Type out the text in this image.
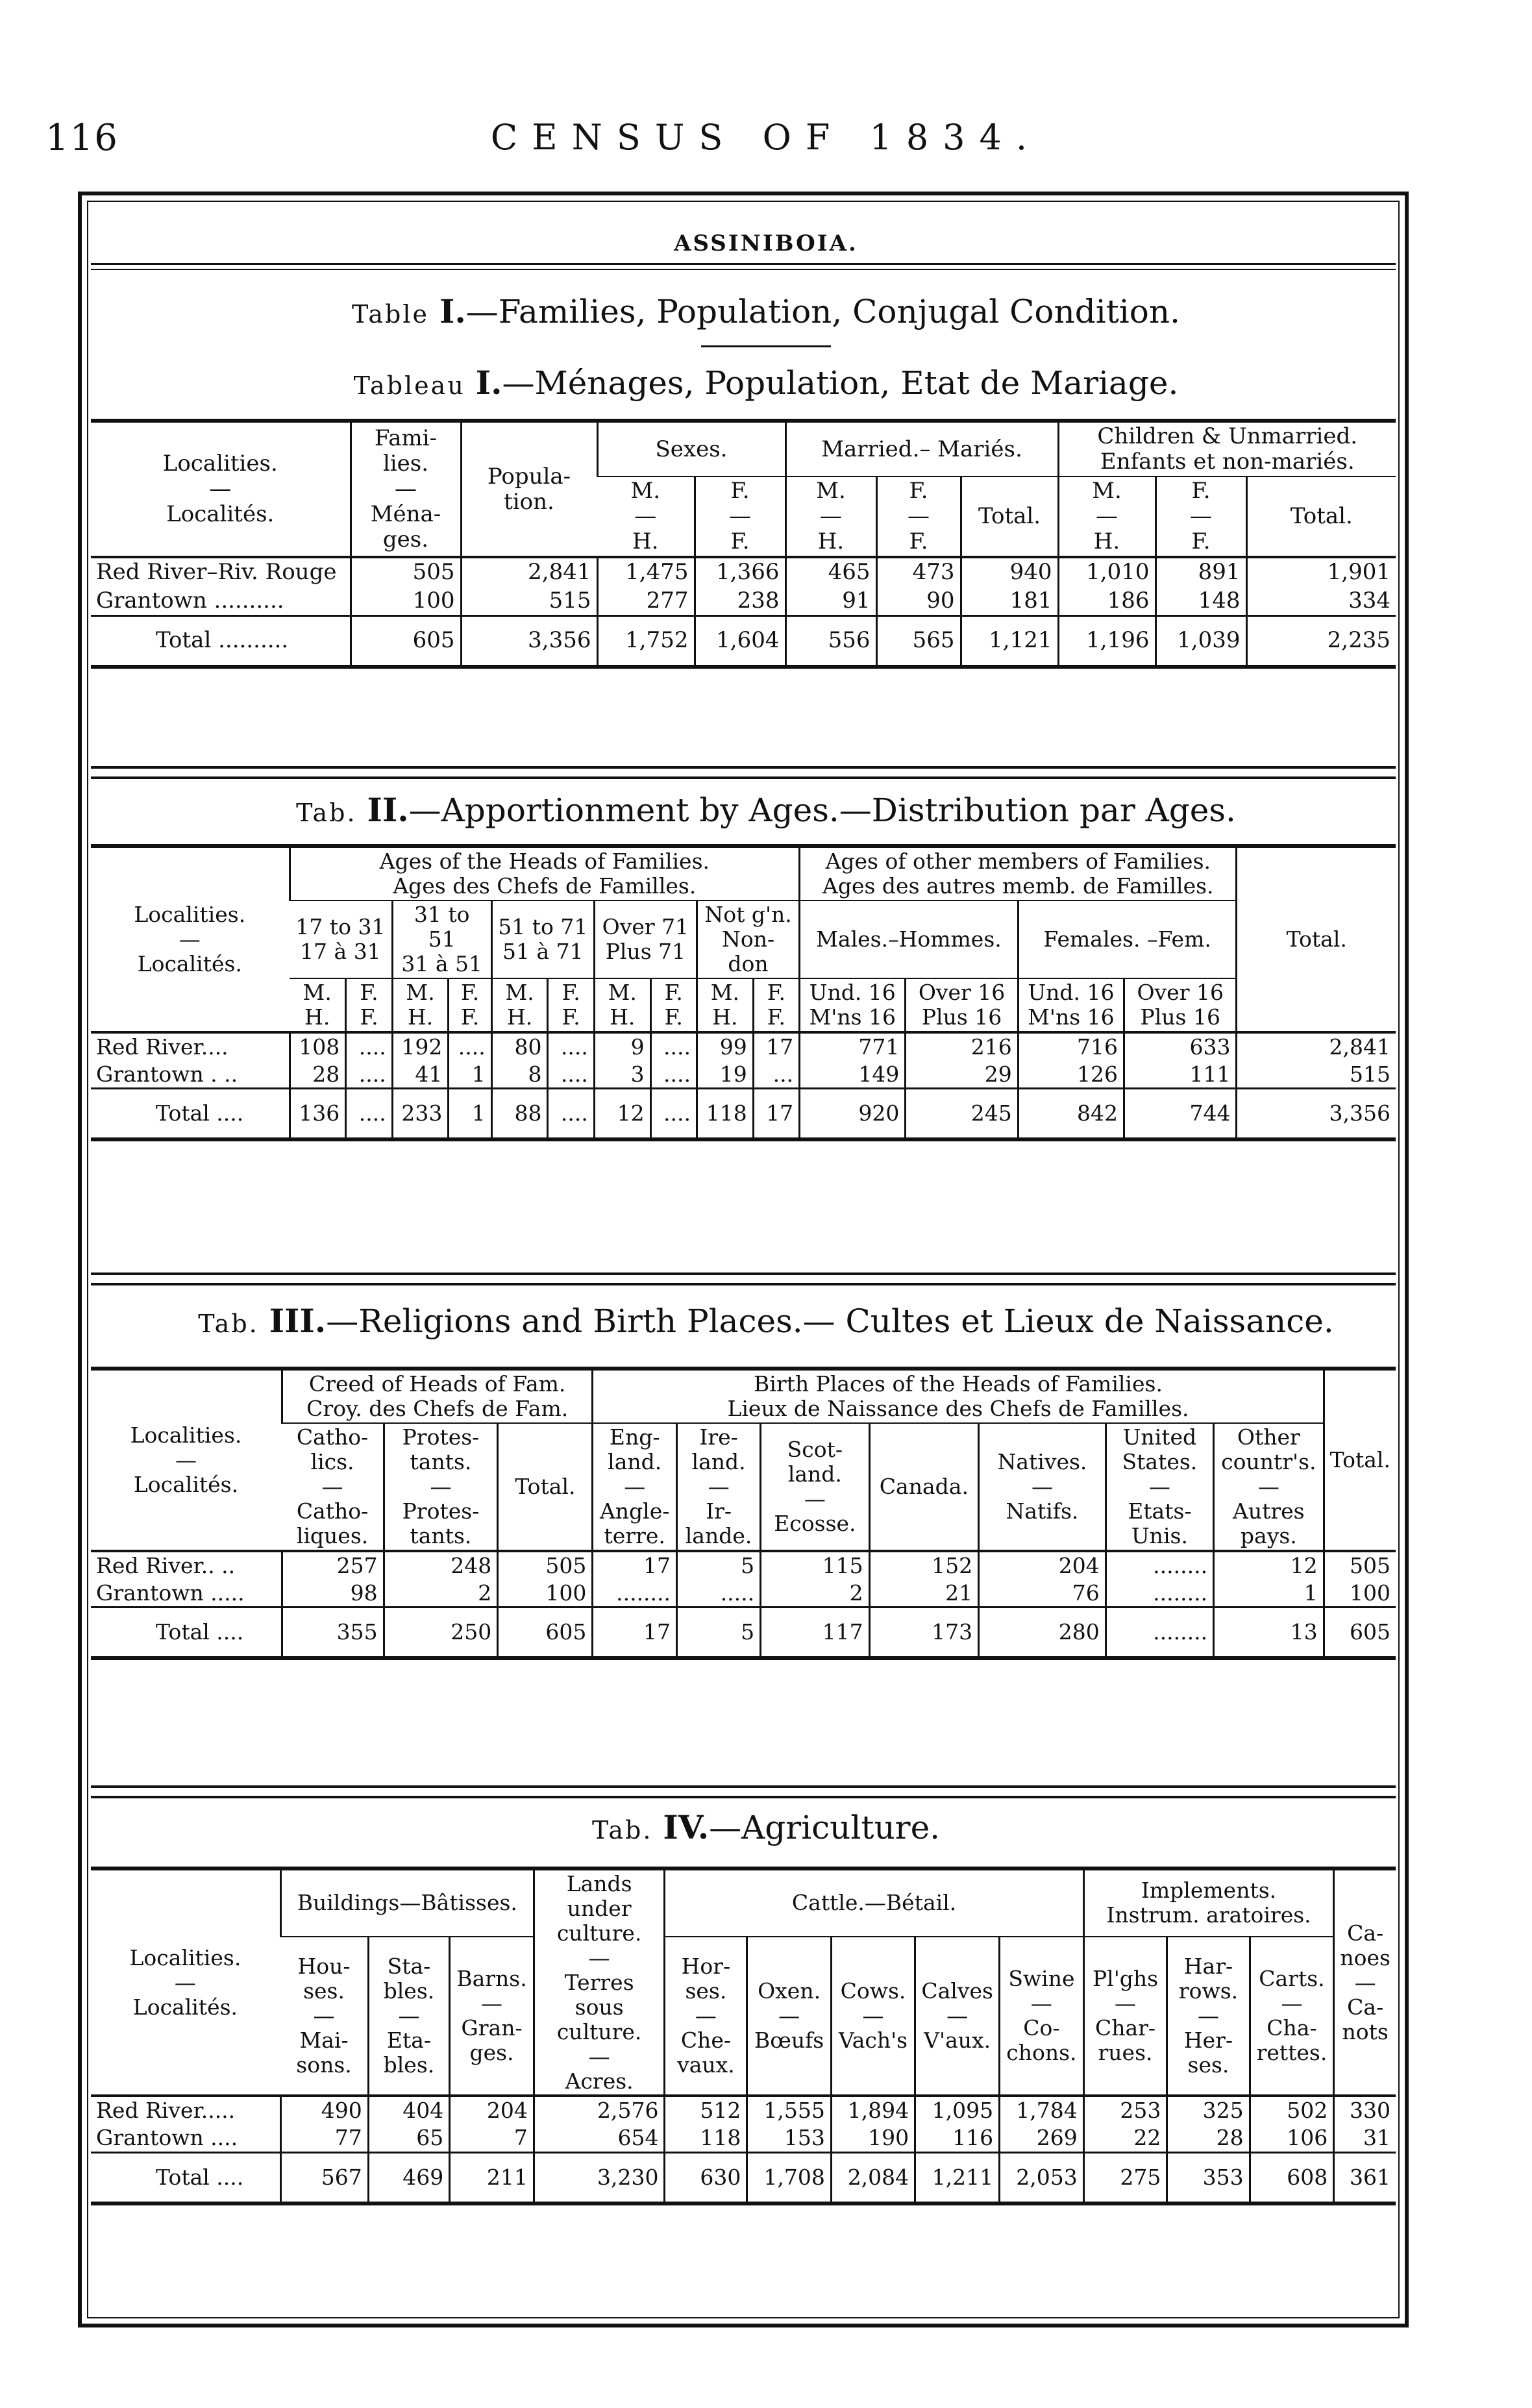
116	CENSUS OF 1834.
ASSINIBOIA.
Table I.—Families, Population, Conjugal Condition.
Tableau I.—Ménages, Population, Etat de Mariage.
Localities.
—
Localités.	Fami-lies.
—
Ména-ges.	Popula-tion.	Sexes.		Married.– Mariés.			Children & Unmarried.
Enfants et non-mariés.		
			M.
—
H.	F.
—
F.	M.
—
H.	F.
—
F.	Total.	M.
—
H.	F.
—
F.	Total.
Red River–Riv. Rouge	505	2,841	1,475	1,366	465	473	940	1,010	891	1,901
Grantown ..........	100	515	277	238	91	90	181	186	148	334
Total ..........	605	3,356	1,752	1,604	556	565	1,121	1,196	1,039	2,235
Tab. II.—Apportionment by Ages.—Distribution par Ages.
Localities.
—
Localités.	Ages of the Heads of Families.
Ages des Chefs de Familles.										Ages of other members of Families.
Ages des autres memb. de Familles.				Total.
	17 to 31
17 à 31		31 to 51
31 à 51		51 to 71
51 à 71		Over 71
Plus 71		Not g'n.
Non-don		Males.–Hommes.		Females. –Fem.		
	M.
H.	F.
F.	M.
H.	F.
F.	M.
H.	F.
F.	M.
H.	F.
F.	M.
H.	F.
F.	Und. 16
M'ns 16	Over 16
Plus 16	Und. 16
M'ns 16	Over 16
Plus 16	
Red River....	108	....	192	....	80	....	9	....	99	17	771	216	716	633	2,841
Grantown . ..	28	....	41	1	8	....	3	....	19	...	149	29	126	111	515
Total ....	136	....	233	1	88	....	12	....	118	17	920	245	842	744	3,356
Tab. III.—Religions and Birth Places.— Cultes et Lieux de Naissance.
Localities.
—
Localités.	Creed of Heads of Fam.
Croy. des Chefs de Fam.			Birth Places of the Heads of Families.
Lieux de Naissance des Chefs de Familles.							Total.
	Catho-lics.
—
Catho-liques.	Protes-tants.
—
Protes-tants.	Total.	Eng-land.
—
Angle-terre.	Ire-land.
—
Ir-lande.	Scot-land.
—
Ecosse.	Canada.	Natives.
—
Natifs.	United States.
—
Etats-Unis.	Other countr's.
—
Autres pays.	
Red River.. ..	257	248	505	17	5	115	152	204	........	12	505
Grantown .....	98	2	100	........	.....	2	21	76	........	1	100
Total ....	355	250	605	17	5	117	173	280	........	13	605
Tab. IV.—Agriculture.
Localities.
—
Localités.	Buildings—Bâtisses.			Lands under culture.
—
Terres sous culture.
—
Acres.	Cattle.—Bétail.					Implements.
Instrum. aratoires.			Ca-noes
—
Ca-nots
	Hou-ses.
—
Mai-sons.	Sta-bles.
—
Eta-bles.	Barns.
—
Gran-ges.		Hor-ses.
—
Che-vaux.	Oxen.
—
Bœufs	Cows.
—
Vach's	Calves
—
V'aux.	Swine
—
Co-chons.	Pl'ghs
—
Char-rues.	Har-rows.
—
Her-ses.	Carts.
—
Cha-rettes.	
Red River.....	490	404	204	2,576	512	1,555	1,894	1,095	1,784	253	325	502	330
Grantown ....	77	65	7	654	118	153	190	116	269	22	28	106	31
Total ....	567	469	211	3,230	630	1,708	2,084	1,211	2,053	275	353	608	361
